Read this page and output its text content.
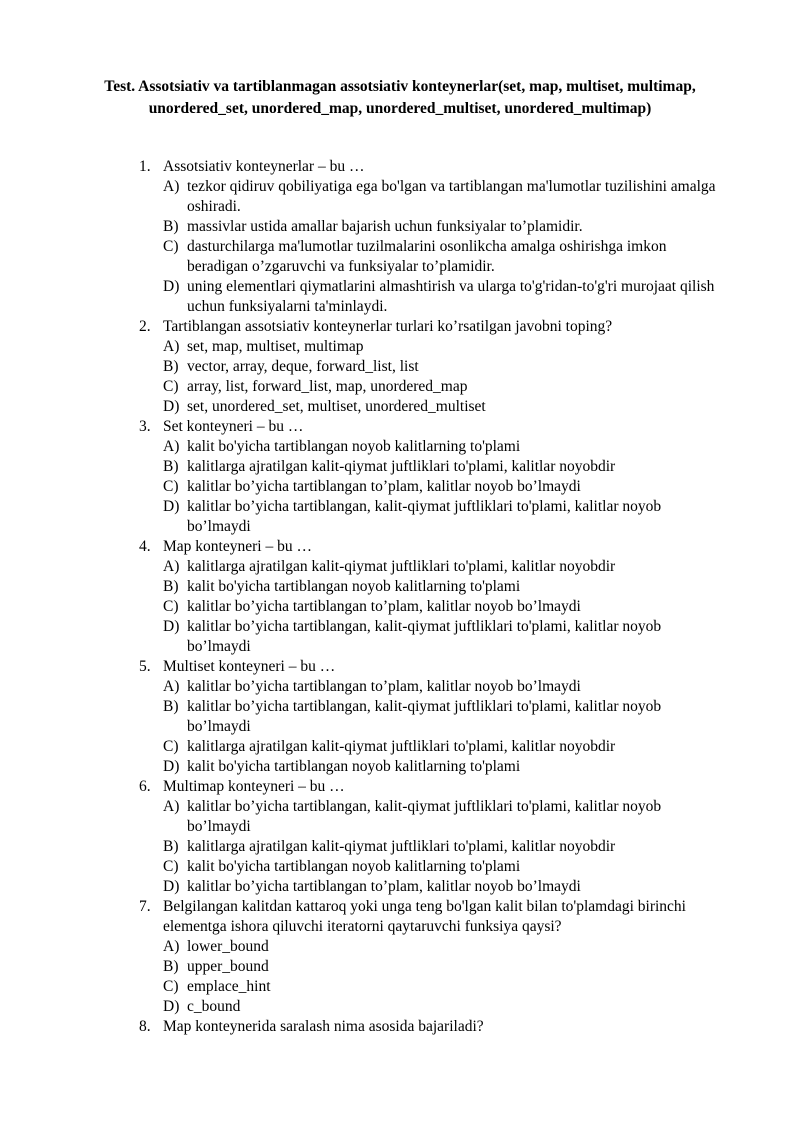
Test. Assotsiativ va tartiblanmagan assotsiativ konteynerlar(set, map, multiset, multimap,
unordered_set, unordered_map, unordered_multiset, unordered_multimap)
1. Assotsiativ konteynerlar – bu …
A) tezkor qidiruv qobiliyatiga ega bo'lgan va tartiblangan ma'lumotlar tuzilishini amalga
oshiradi.
B) massivlar ustida amallar bajarish uchun funksiyalar to’plamidir.
C) dasturchilarga ma'lumotlar tuzilmalarini osonlikcha amalga oshirishga imkon
beradigan o’zgaruvchi va funksiyalar to’plamidir.
D) uning elementlari qiymatlarini almashtirish va ularga to'g'ridan-to'g'ri murojaat qilish
uchun funksiyalarni ta'minlaydi.
2. Tartiblangan assotsiativ konteynerlar turlari ko’rsatilgan javobni toping?
A) set, map, multiset, multimap
B) vector, array, deque, forward_list, list
C) array, list, forward_list, map, unordered_map
D) set, unordered_set, multiset, unordered_multiset
3. Set konteyneri – bu …
A) kalit bo'yicha tartiblangan noyob kalitlarning to'plami
B) kalitlarga ajratilgan kalit-qiymat juftliklari to'plami, kalitlar noyobdir
C) kalitlar bo’yicha tartiblangan to’plam, kalitlar noyob bo’lmaydi
D) kalitlar bo’yicha tartiblangan, kalit-qiymat juftliklari to'plami, kalitlar noyob
bo’lmaydi
4. Map konteyneri – bu …
A) kalitlarga ajratilgan kalit-qiymat juftliklari to'plami, kalitlar noyobdir
B) kalit bo'yicha tartiblangan noyob kalitlarning to'plami
C) kalitlar bo’yicha tartiblangan to’plam, kalitlar noyob bo’lmaydi
D) kalitlar bo’yicha tartiblangan, kalit-qiymat juftliklari to'plami, kalitlar noyob
bo’lmaydi
5. Multiset konteyneri – bu …
A) kalitlar bo’yicha tartiblangan to’plam, kalitlar noyob bo’lmaydi
B) kalitlar bo’yicha tartiblangan, kalit-qiymat juftliklari to'plami, kalitlar noyob
bo’lmaydi
C) kalitlarga ajratilgan kalit-qiymat juftliklari to'plami, kalitlar noyobdir
D) kalit bo'yicha tartiblangan noyob kalitlarning to'plami
6. Multimap konteyneri – bu …
A) kalitlar bo’yicha tartiblangan, kalit-qiymat juftliklari to'plami, kalitlar noyob
bo’lmaydi
B) kalitlarga ajratilgan kalit-qiymat juftliklari to'plami, kalitlar noyobdir
C) kalit bo'yicha tartiblangan noyob kalitlarning to'plami
D) kalitlar bo’yicha tartiblangan to’plam, kalitlar noyob bo’lmaydi
7. Belgilangan kalitdan kattaroq yoki unga teng bo'lgan kalit bilan to'plamdagi birinchi
elementga ishora qiluvchi iteratorni qaytaruvchi funksiya qaysi?
A) lower_bound
B) upper_bound
C) emplace_hint
D) c_bound
8. Map konteynerida saralash nima asosida bajariladi?
